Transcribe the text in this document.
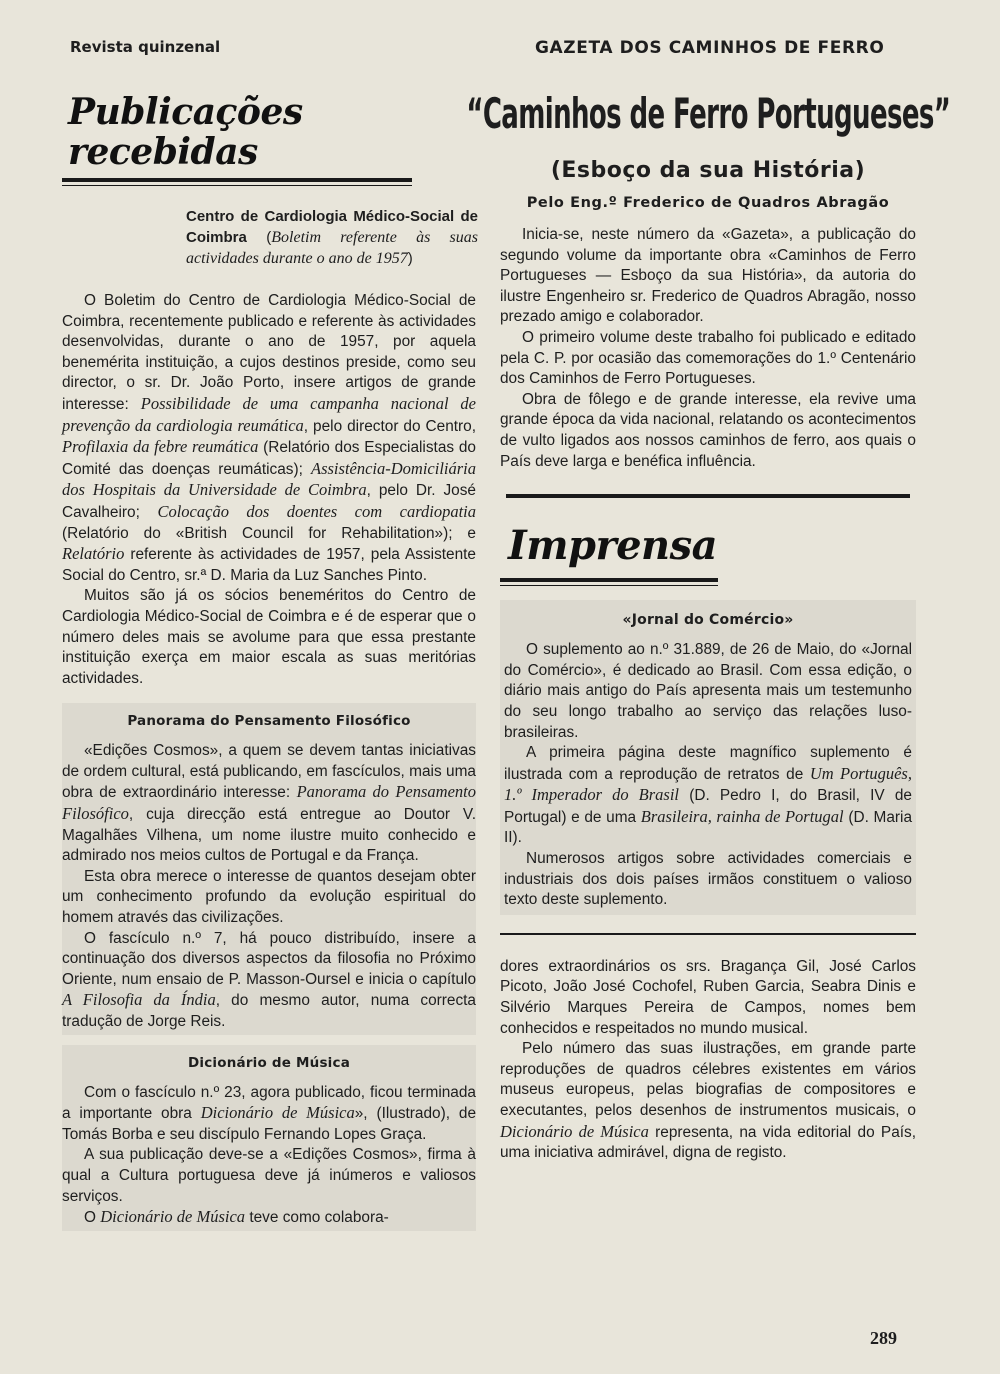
Revista quinzenal	GAZETA DOS CAMINHOS DE FERRO
Publicações recebidas
Centro de Cardiologia Médico-Social de Coimbra (Boletim referente às suas actividades durante o ano de 1957)

O Boletim do Centro de Cardiologia Médico-Social de Coimbra, recentemente publicado e referente às actividades desenvolvidas, durante o ano de 1957, por aquela benemérita instituição, a cujos destinos preside, como seu director, o sr. Dr. João Porto, insere artigos de grande interesse: Possibilidade de uma campanha nacional de prevenção da cardiologia reumática, pelo director do Centro, Profilaxia da febre reumática (Relatório dos Especialistas do Comité das doenças reumáticas); Assistência-Domiciliária dos Hospitais da Universidade de Coimbra, pelo Dr. José Cavalheiro; Colocação dos doentes com cardiopatia (Relatório do «British Council for Rehabilitation»); e Relatório referente às actividades de 1957, pela Assistente Social do Centro, sr.ª D. Maria da Luz Sanches Pinto.

Muitos são já os sócios beneméritos do Centro de Cardiologia Médico-Social de Coimbra e é de esperar que o número deles mais se avolume para que essa prestante instituição exerça em maior escala as suas meritórias actividades.

Panorama do Pensamento Filosófico

«Edições Cosmos», a quem se devem tantas iniciativas de ordem cultural, está publicando, em fascículos, mais uma obra de extraordinário interesse: Panorama do Pensamento Filosófico, cuja direcção está entregue ao Doutor V. Magalhães Vilhena, um nome ilustre muito conhecido e admirado nos meios cultos de Portugal e da França.

Esta obra merece o interesse de quantos desejam obter um conhecimento profundo da evolução espiritual do homem através das civilizações.

O fascículo n.º 7, há pouco distribuído, insere a continuação dos diversos aspectos da filosofia no Próximo Oriente, num ensaio de P. Masson-Oursel e inicia o capítulo A Filosofia da Índia, do mesmo autor, numa correcta tradução de Jorge Reis.

Dicionário de Música

Com o fascículo n.º 23, agora publicado, ficou terminada a importante obra Dicionário de Música», (Ilustrado), de Tomás Borba e seu discípulo Fernando Lopes Graça.

A sua publicação deve-se a «Edições Cosmos», firma à qual a Cultura portuguesa deve já inúmeros e valiosos serviços.

O Dicionário de Música teve como colabora-

“Caminhos de Ferro Portugueses”
(Esboço da sua História)
Pelo Eng.º Frederico de Quadros Abragão

Inicia-se, neste número da «Gazeta», a publicação do segundo volume da importante obra «Caminhos de Ferro Portugueses — Esboço da sua História», da autoria do ilustre Engenheiro sr. Frederico de Quadros Abragão, nosso prezado amigo e colaborador.

O primeiro volume deste trabalho foi publicado e editado pela C. P. por ocasião das comemorações do 1.º Centenário dos Caminhos de Ferro Portugueses.

Obra de fôlego e de grande interesse, ela revive uma grande época da vida nacional, relatando os acontecimentos de vulto ligados aos nossos caminhos de ferro, aos quais o País deve larga e benéfica influência.

Imprensa
«Jornal do Comércio»

O suplemento ao n.º 31.889, de 26 de Maio, do «Jornal do Comércio», é dedicado ao Brasil. Com essa edição, o diário mais antigo do País apresenta mais um testemunho do seu longo trabalho ao serviço das relações luso-brasileiras.

A primeira página deste magnífico suplemento é ilustrada com a reprodução de retratos de Um Português, 1.º Imperador do Brasil (D. Pedro I, do Brasil, IV de Portugal) e de uma Brasileira, rainha de Portugal (D. Maria II).

Numerosos artigos sobre actividades comerciais e industriais dos dois países irmãos constituem o valioso texto deste suplemento.

dores extraordinários os srs. Bragança Gil, José Carlos Picoto, João José Cochofel, Ruben Garcia, Seabra Dinis e Silvério Marques Pereira de Campos, nomes bem conhecidos e respeitados no mundo musical.

Pelo número das suas ilustrações, em grande parte reproduções de quadros célebres existentes em vários museus europeus, pelas biografias de compositores e executantes, pelos desenhos de instrumentos musicais, o Dicionário de Música representa, na vida editorial do País, uma iniciativa admirável, digna de registo.

289
